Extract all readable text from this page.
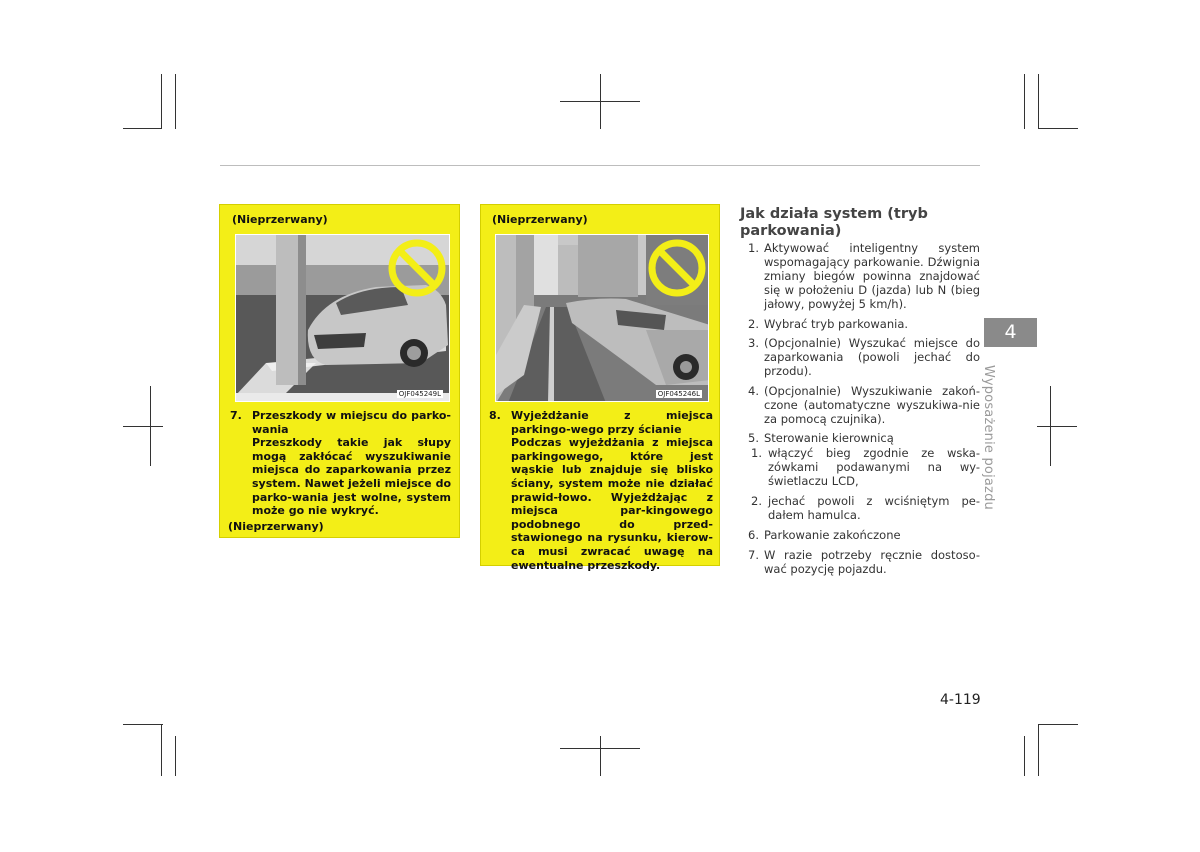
(Nieprzerwany)
OJF045249L
7. Przeszkody w miejscu do parko-wania

Przeszkody takie jak słupy mogą zakłócać wyszukiwanie miejsca do zaparkowania przez system. Nawet jeżeli miejsce do parko-wania jest wolne, system może go nie wykryć.

(Nieprzerwany)
(Nieprzerwany)
OJF045246L
8. Wyjeżdżanie z miejsca parkingo-wego przy ścianie

Podczas wyjeżdżania z miejsca parkingowego, które jest wąskie lub znajduje się blisko ściany, system może nie działać prawid-łowo. Wyjeżdżając z miejsca par-kingowego podobnego do przed-stawionego na rysunku, kierow-ca musi zwracać uwagę na ewentualne przeszkody.

Jak działa system (tryb parkowania)
1. Aktywować inteligentny system wspomagający parkowanie. Dźwignia zmiany biegów powinna znajdować się w położeniu D (jazda) lub N (bieg jałowy, powyżej 5 km/h).
2. Wybrać tryb parkowania.
3. (Opcjonalnie) Wyszukać miejsce do zaparkowania (powoli jechać do przodu).
4. (Opcjonalnie) Wyszukiwanie zakoń-czone (automatyczne wyszukiwa-nie za pomocą czujnika).
5. Sterowanie kierownicą
1. włączyć bieg zgodnie ze wska-zówkami podawanymi na wy-świetlaczu LCD,
2. jechać powoli z wciśniętym pe-dałem hamulca.
6. Parkowanie zakończone
7. W razie potrzeby ręcznie dostoso-wać pozycję pojazdu.
4
Wyposażenie pojazdu
4-119
